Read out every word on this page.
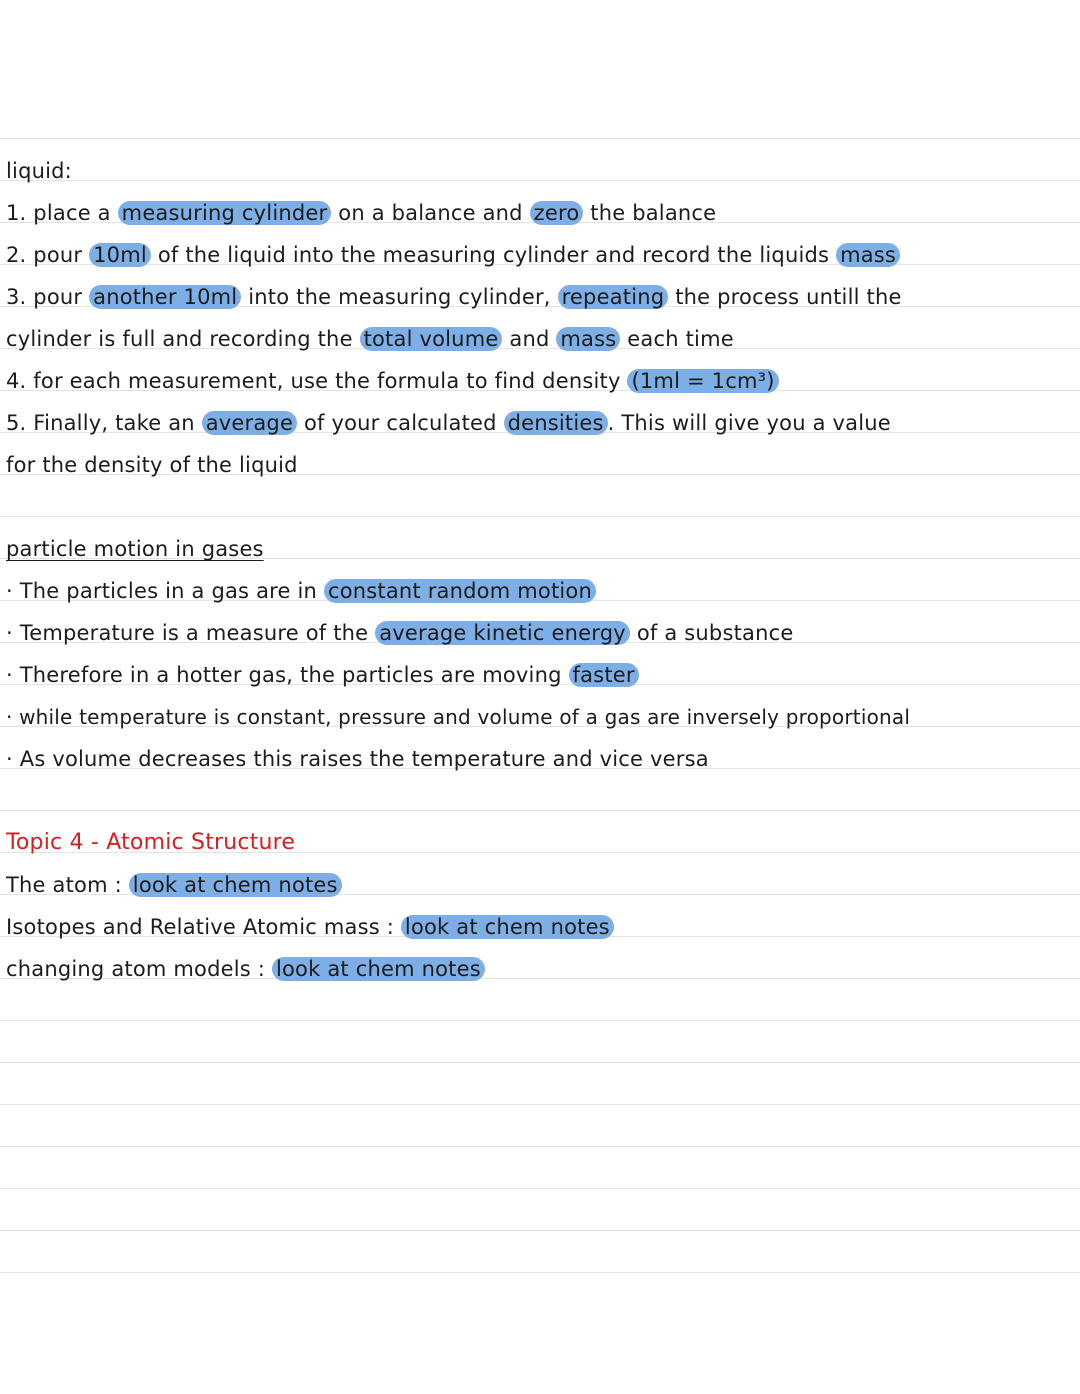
liquid:
1. place a measuring cylinder on a balance and zero the balance
2. pour 10ml of the liquid into the measuring cylinder and record the liquids mass
3. pour another 10ml into the measuring cylinder, repeating the process untill the
cylinder is full and recording the total volume and mass each time
4. for each measurement, use the formula to find density (1ml = 1cm³)
5. Finally, take an average of your calculated densities . This will give you a value
for the density of the liquid
particle motion in gases
· The particles in a gas are in constant random motion
· Temperature is a measure of the average kinetic energy of a substance
· Therefore in a hotter gas, the particles are moving faster
· while temperature is constant, pressure and volume of a gas are inversely proportional
· As volume decreases this raises the temperature and vice versa
Topic 4 - Atomic Structure
The atom : look at chem notes
Isotopes and Relative Atomic mass : look at chem notes
changing atom models : look at chem notes
